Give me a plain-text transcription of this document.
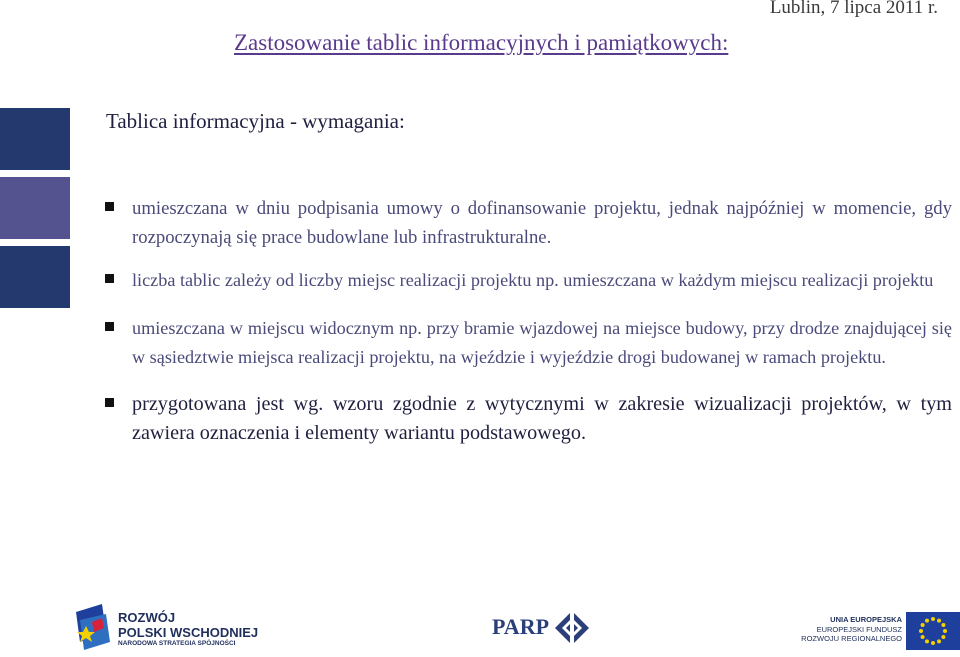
Lublin, 7 lipca 2011 r.
Zastosowanie tablic informacyjnych i pamiątkowych:
Tablica informacyjna - wymagania:
umieszczana w dniu podpisania umowy o dofinansowanie projektu, jednak najpóźniej w momencie, gdy rozpoczynają się prace budowlane lub infrastrukturalne.
liczba tablic zależy od liczby miejsc realizacji projektu np. umieszczana w każdym miejscu realizacji projektu
umieszczana w miejscu widocznym np. przy bramie wjazdowej na miejsce budowy, przy drodze znajdującej się w sąsiedztwie miejsca realizacji projektu, na wjeździe i wyjeździe drogi budowanej w ramach projektu.
przygotowana jest wg. wzoru zgodnie z wytycznymi w zakresie wizualizacji projektów, w tym zawiera oznaczenia i elementy wariantu podstawowego.
ROZWÓJ
POLSKI WSCHODNIEJ
NARODOWA STRATEGIA SPÓJNOŚCI
PARP	UNIA EUROPEJSKA
EUROPEJSKI FUNDUSZ
ROZWOJU REGIONALNEGO
